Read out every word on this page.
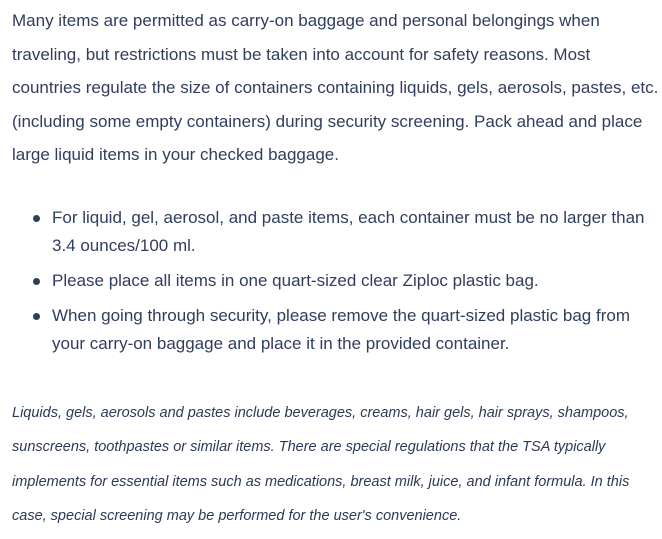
Many items are permitted as carry-on baggage and personal belongings when traveling, but restrictions must be taken into account for safety reasons. Most countries regulate the size of containers containing liquids, gels, aerosols, pastes, etc. (including some empty containers) during security screening. Pack ahead and place large liquid items in your checked baggage.

For liquid, gel, aerosol, and paste items, each container must be no larger than 3.4 ounces/100 ml.
Please place all items in one quart-sized clear Ziploc plastic bag.
When going through security, please remove the quart-sized plastic bag from your carry-on baggage and place it in the provided container.

Liquids, gels, aerosols and pastes include beverages, creams, hair gels, hair sprays, shampoos, sunscreens, toothpastes or similar items. There are special regulations that the TSA typically implements for essential items such as medications, breast milk, juice, and infant formula. In this case, special screening may be performed for the user's convenience.
